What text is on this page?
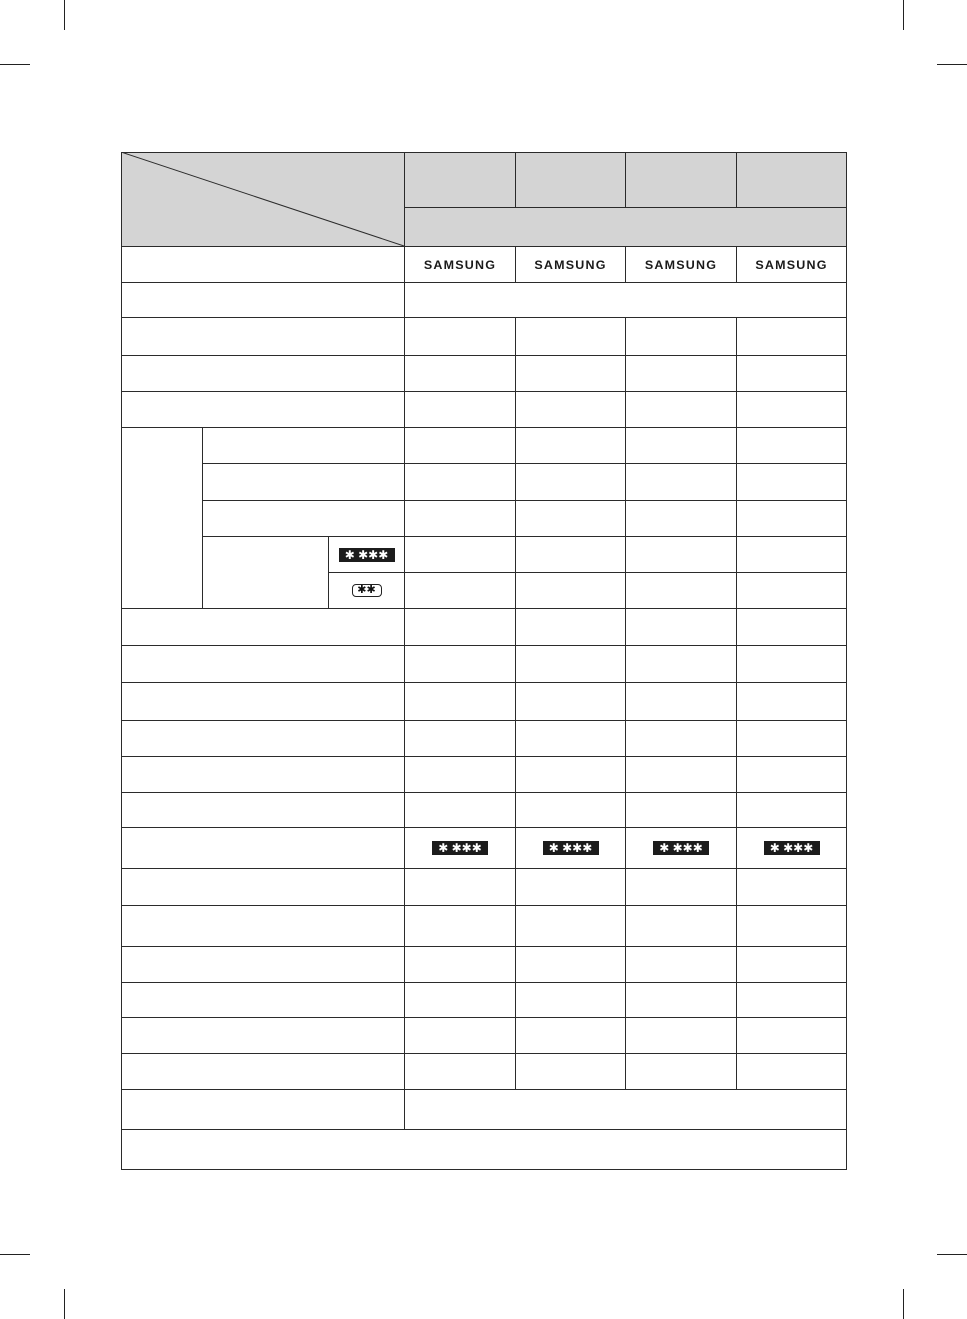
SAMSUNG	SAMSUNG	SAMSUNG	SAMSUNG
✱ ✱✱✱
✱✱
✱ ✱✱✱	✱ ✱✱✱	✱ ✱✱✱	✱ ✱✱✱
